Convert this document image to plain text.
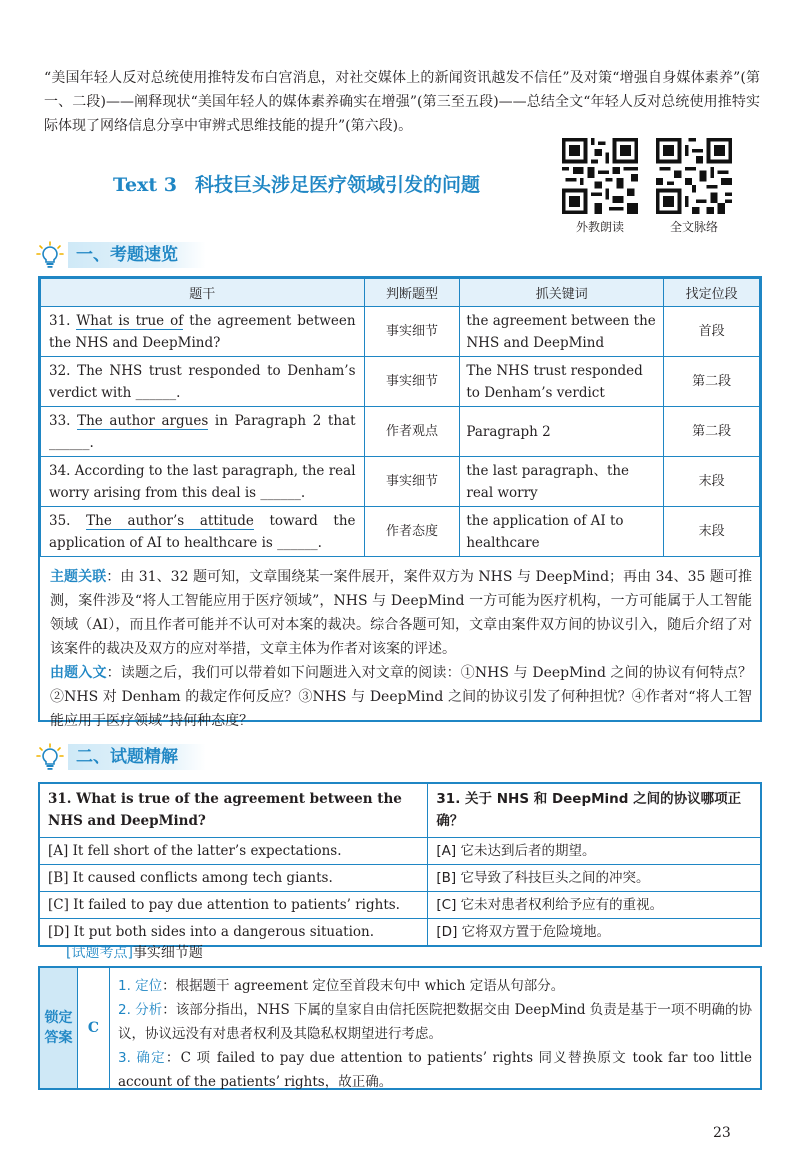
“美国年轻人反对总统使用推特发布白宫消息，对社交媒体上的新闻资讯越发不信任”及对策“增强自身媒体素养”(第一、二段)——阐释现状“美国年轻人的媒体素养确实在增强”(第三至五段)——总结全文“年轻人反对总统使用推特实际体现了网络信息分享中审辨式思维技能的提升”(第六段)。

Text 3 科技巨头涉足医疗领域引发的问题
外教朗读	全文脉络
一、考题速览
题干	判断题型	抓关键词	找定位段
31. What is true of the agreement between the NHS and DeepMind?	事实细节	the agreement between the NHS and DeepMind	首段
32. The NHS trust responded to Denham’s verdict with ______.	事实细节	The NHS trust responded to Denham’s verdict	第二段
33. The author argues in Paragraph 2 that ______.	作者观点	Paragraph 2	第二段
34. According to the last paragraph, the real worry arising from this deal is ______.	事实细节	the last paragraph、the real worry	末段
35. The author’s attitude toward the application of AI to healthcare is ______.	作者态度	the application of AI to healthcare	末段

主题关联：由 31、32 题可知，文章围绕某一案件展开，案件双方为 NHS 与 DeepMind；再由 34、35 题可推测，案件涉及“将人工智能应用于医疗领域”，NHS 与 DeepMind 一方可能为医疗机构，一方可能属于人工智能领域（AI），而且作者可能并不认可对本案的裁决。综合各题可知，文章由案件双方间的协议引入，随后介绍了对该案件的裁决及双方的应对举措，文章主体为作者对该案的评述。

由题入文：读题之后，我们可以带着如下问题进入对文章的阅读：①NHS 与 DeepMind 之间的协议有何特点？②NHS 对 Denham 的裁定作何反应？③NHS 与 DeepMind 之间的协议引发了何种担忧？④作者对“将人工智能应用于医疗领域”持何种态度？

二、试题精解
31. What is true of the agreement between the NHS and DeepMind?	31. 关于 NHS 和 DeepMind 之间的协议哪项正确？
[A] It fell short of the latter’s expectations.	[A] 它未达到后者的期望。
[B] It caused conflicts among tech giants.	[B] 它导致了科技巨头之间的冲突。
[C] It failed to pay due attention to patients’ rights.	[C] 它未对患者权利给予应有的重视。
[D] It put both sides into a dangerous situation.	[D] 它将双方置于危险境地。
[试题考点]事实细节题
锁定答案
C

1. 定位：根据题干 agreement 定位至首段末句中 which 定语从句部分。

2. 分析：该部分指出，NHS 下属的皇家自由信托医院把数据交由 DeepMind 负责是基于一项不明确的协议，协议远没有对患者权利及其隐私权期望进行考虑。

3. 确定：C 项 failed to pay due attention to patients’ rights 同义替换原文 took far too little account of the patients’ rights，故正确。

23
